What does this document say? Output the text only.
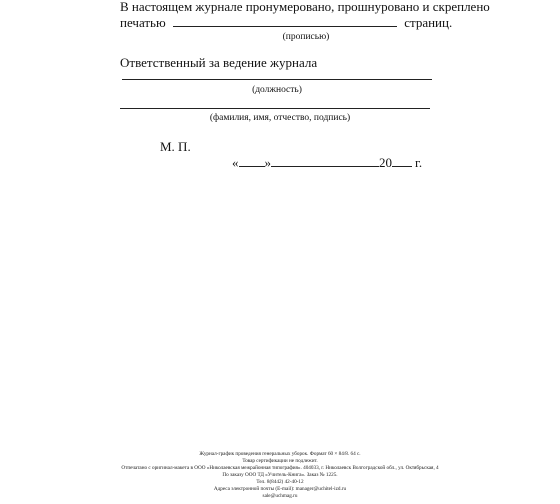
В настоящем журнале пронумеровано, прошнуровано и скреплено
печатью	страниц.
(прописью)
Ответственный за ведение журнала
(должность)
(фамилия, имя, отчество, подпись)
М. П.
« »	20 г.
Журнал-график проведения генеральных уборок. Формат 60 × 84/8. 64 с.
Товар сертификации не подлежит.
Отпечатано с оригинал-макета в ООО «Николаевская межрайонная типография». 404033, г. Николаевск Волгоградской обл., ул. Октябрьская, 4
По заказу ООО ТД «Учитель-Книга». Заказ № 1225.
Тел. 8(8442) 42-40-12
Адреса электронной почты (E-mail): manager@uchitel-izd.ru
sale@uchmag.ru
